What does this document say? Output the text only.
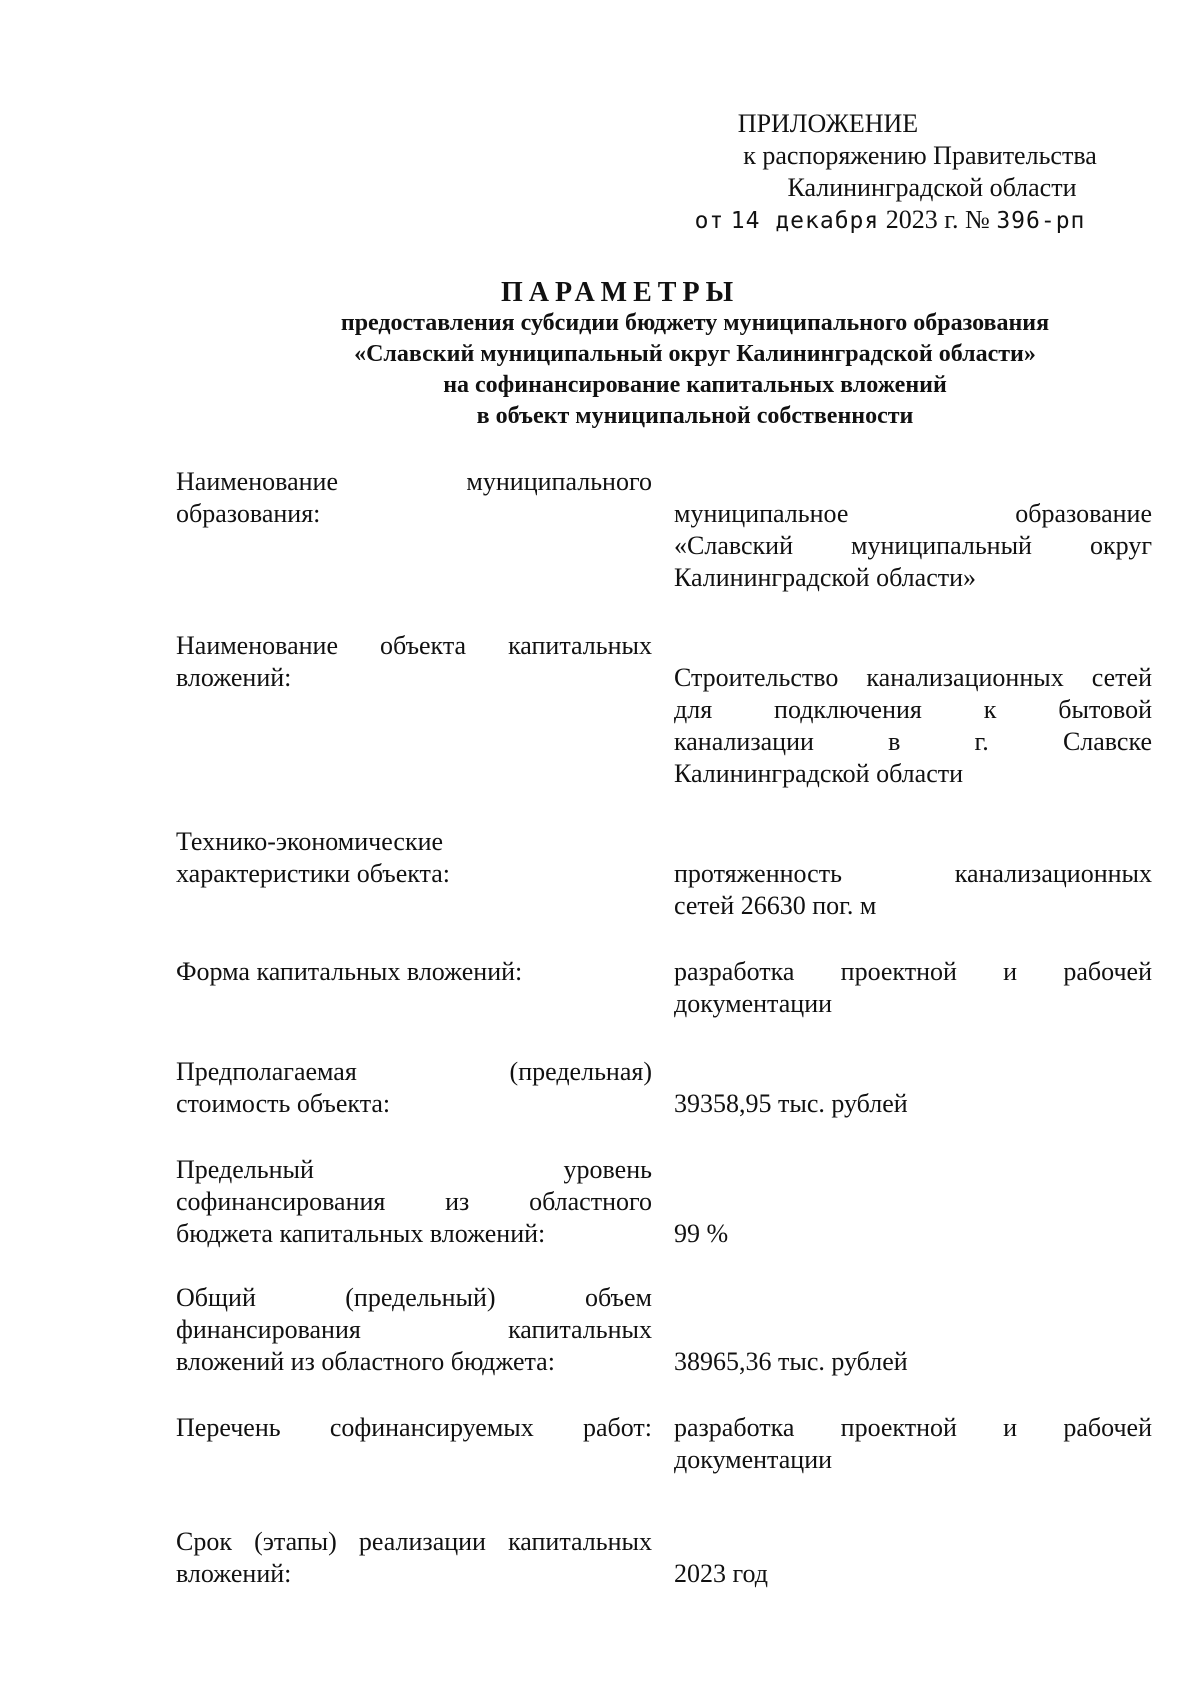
ПРИЛОЖЕНИЕ
к распоряжению Правительства
Калининградской области
от 14 декабря 2023 г. № 396-рп
ПАРАМЕТРЫ
предоставления субсидии бюджету муниципального образования
«Славский муниципальный округ Калининградской области»
на софинансирование капитальных вложений
в объект муниципальной собственности
Наименование муниципального
образования:	муниципальное образование
«Славский муниципальный округ
Калининградской области»
Наименование объекта капитальных
вложений:	Строительство канализационных сетей
для подключения к бытовой
канализации в г. Славске
Калининградской области
Технико-экономические
характеристики объекта:	протяженность канализационных
сетей 26630 пог. м
Форма капитальных вложений:	разработка проектной и рабочей
документации
Предполагаемая (предельная)
стоимость объекта:	39358,95 тыс. рублей
Предельный уровень
софинансирования из областного
бюджета капитальных вложений:	99 %
Общий (предельный) объем
финансирования капитальных
вложений из областного бюджета:	38965,36 тыс. рублей
Перечень софинансируемых работ: разработка проектной и рабочей
документации
Срок (этапы) реализации капитальных
вложений:	2023 год
